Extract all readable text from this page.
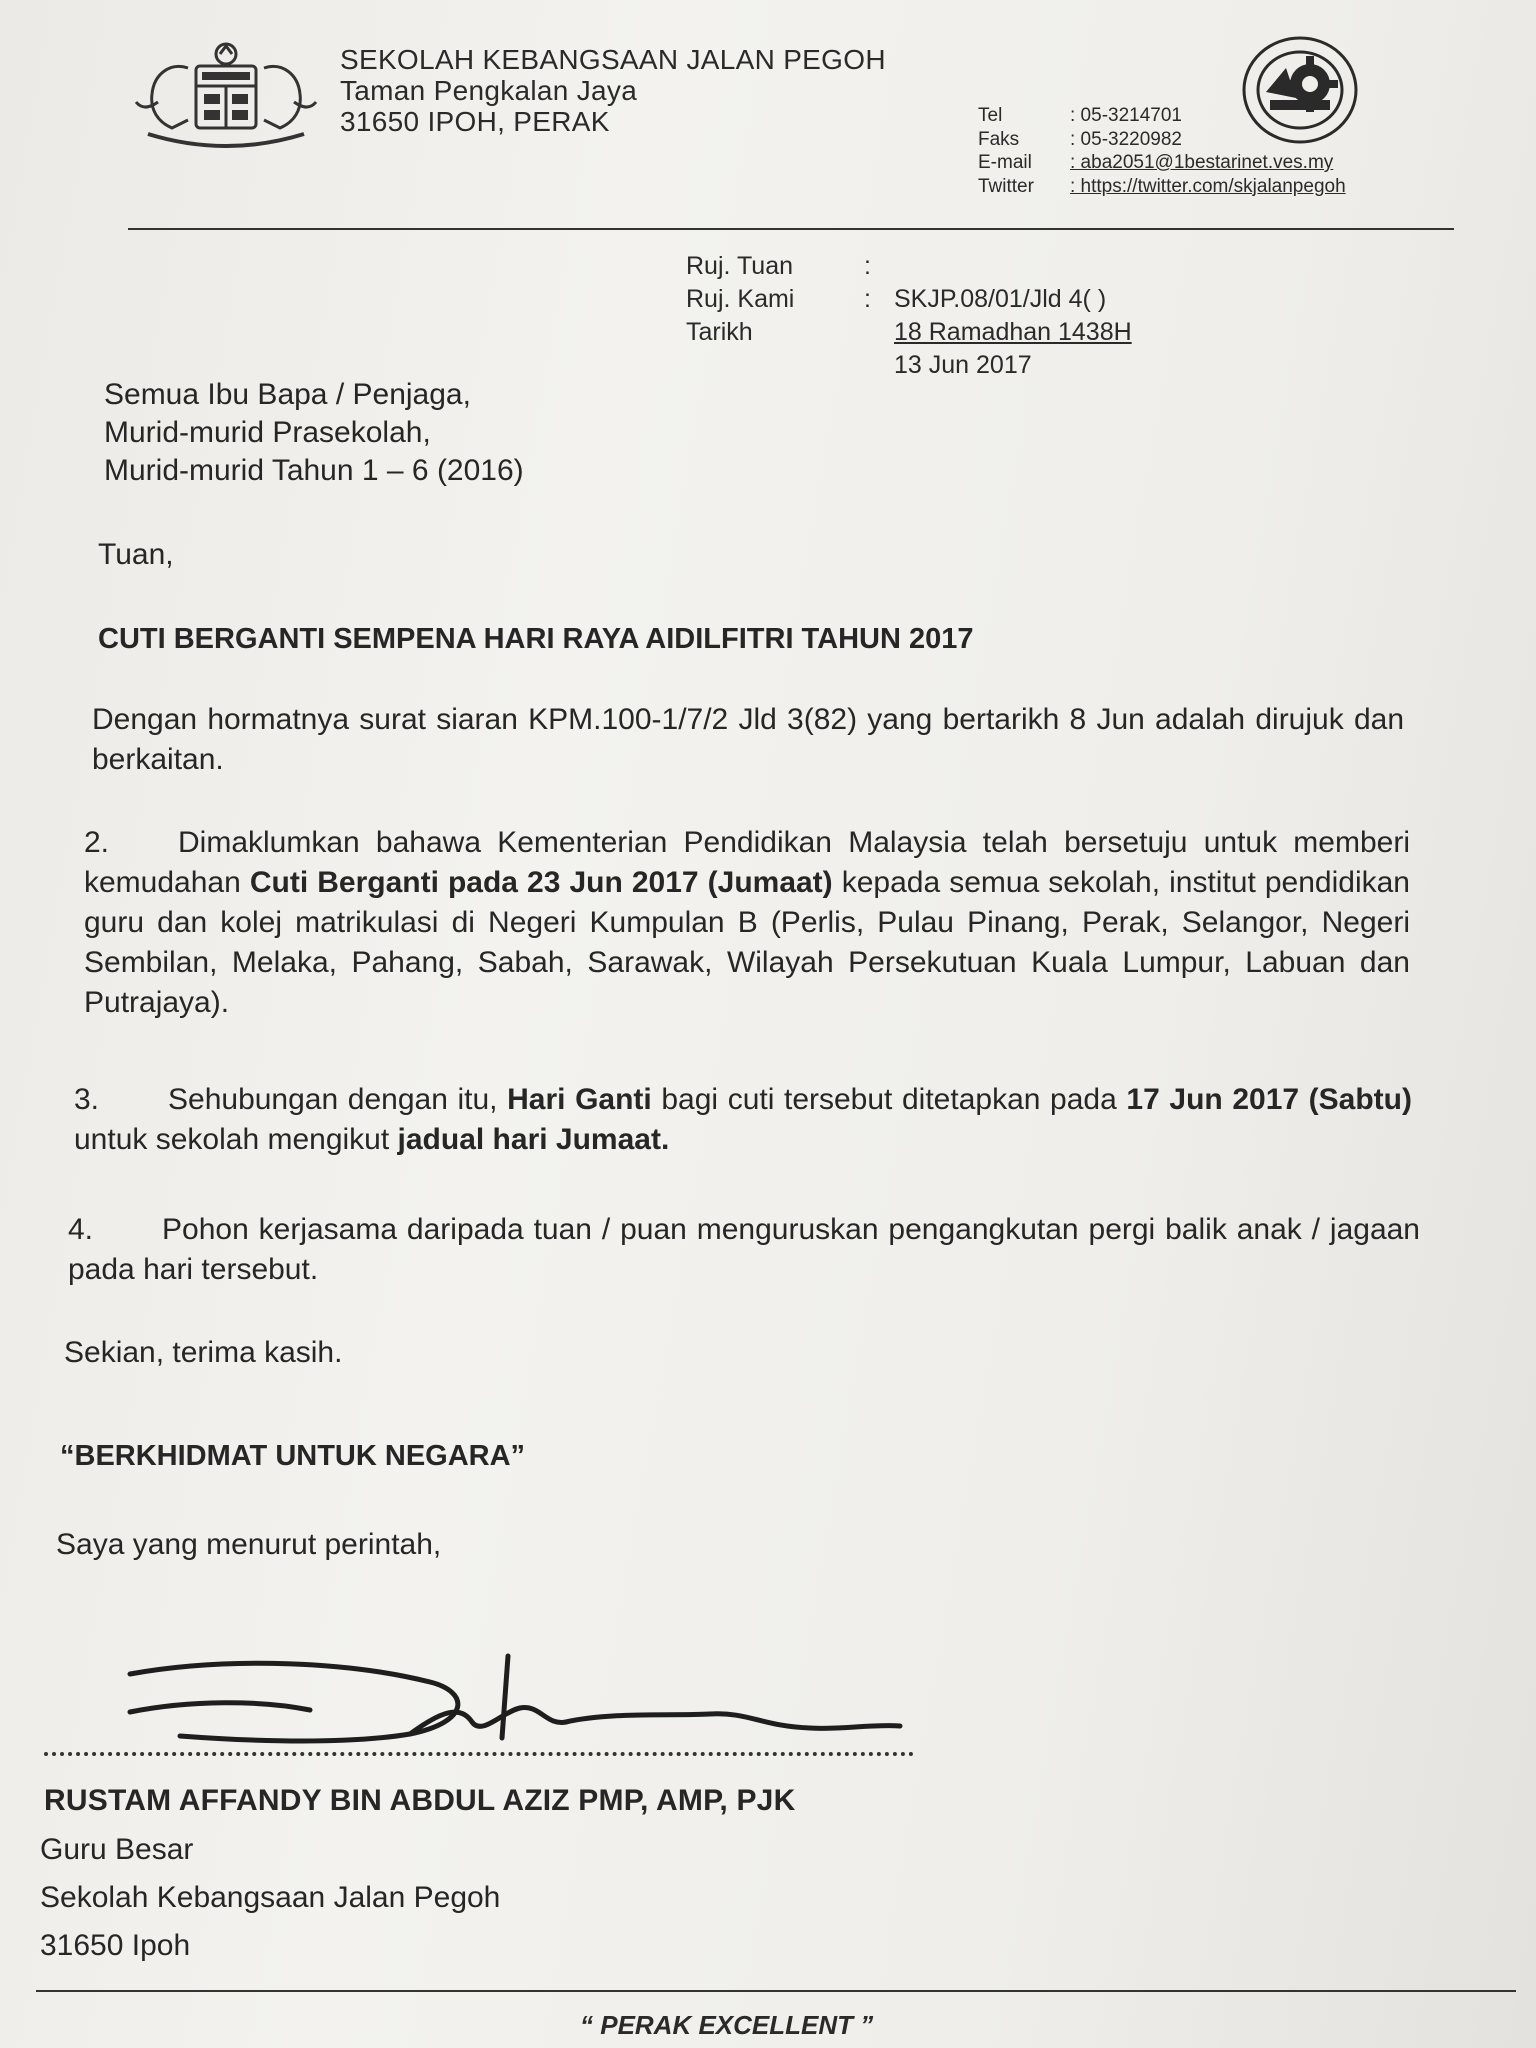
SEKOLAH KEBANGSAAN JALAN PEGOH
Taman Pengkalan Jaya
31650 IPOH, PERAK	Tel	: 05-3214701
Faks	: 05-3220982
E-mail	: aba2051@1bestarinet.ves.my
Twitter	: https://twitter.com/skjalanpegoh
Ruj. Tuan	:	
Ruj. Kami	:	SKJP.08/01/Jld 4( )
Tarikh		18 Ramadhan 1438H
		13 Jun 2017
Semua Ibu Bapa / Penjaga,
Murid-murid Prasekolah,
Murid-murid Tahun 1 – 6 (2016)
Tuan,
CUTI BERGANTI SEMPENA HARI RAYA AIDILFITRI TAHUN 2017
Dengan hormatnya surat siaran KPM.100-1/7/2 Jld 3(82) yang bertarikh 8 Jun adalah dirujuk dan berkaitan.
2. Dimaklumkan bahawa Kementerian Pendidikan Malaysia telah bersetuju untuk memberi kemudahan Cuti Berganti pada 23 Jun 2017 (Jumaat) kepada semua sekolah, institut pendidikan guru dan kolej matrikulasi di Negeri Kumpulan B (Perlis, Pulau Pinang, Perak, Selangor, Negeri Sembilan, Melaka, Pahang, Sabah, Sarawak, Wilayah Persekutuan Kuala Lumpur, Labuan dan Putrajaya).
3. Sehubungan dengan itu, Hari Ganti bagi cuti tersebut ditetapkan pada 17 Jun 2017 (Sabtu) untuk sekolah mengikut jadual hari Jumaat.
4. Pohon kerjasama daripada tuan / puan menguruskan pengangkutan pergi balik anak / jagaan pada hari tersebut.
Sekian, terima kasih.
“BERKHIDMAT UNTUK NEGARA”
Saya yang menurut perintah,
RUSTAM AFFANDY BIN ABDUL AZIZ PMP, AMP, PJK
Guru Besar
Sekolah Kebangsaan Jalan Pegoh
31650 Ipoh
“ PERAK EXCELLENT ”
